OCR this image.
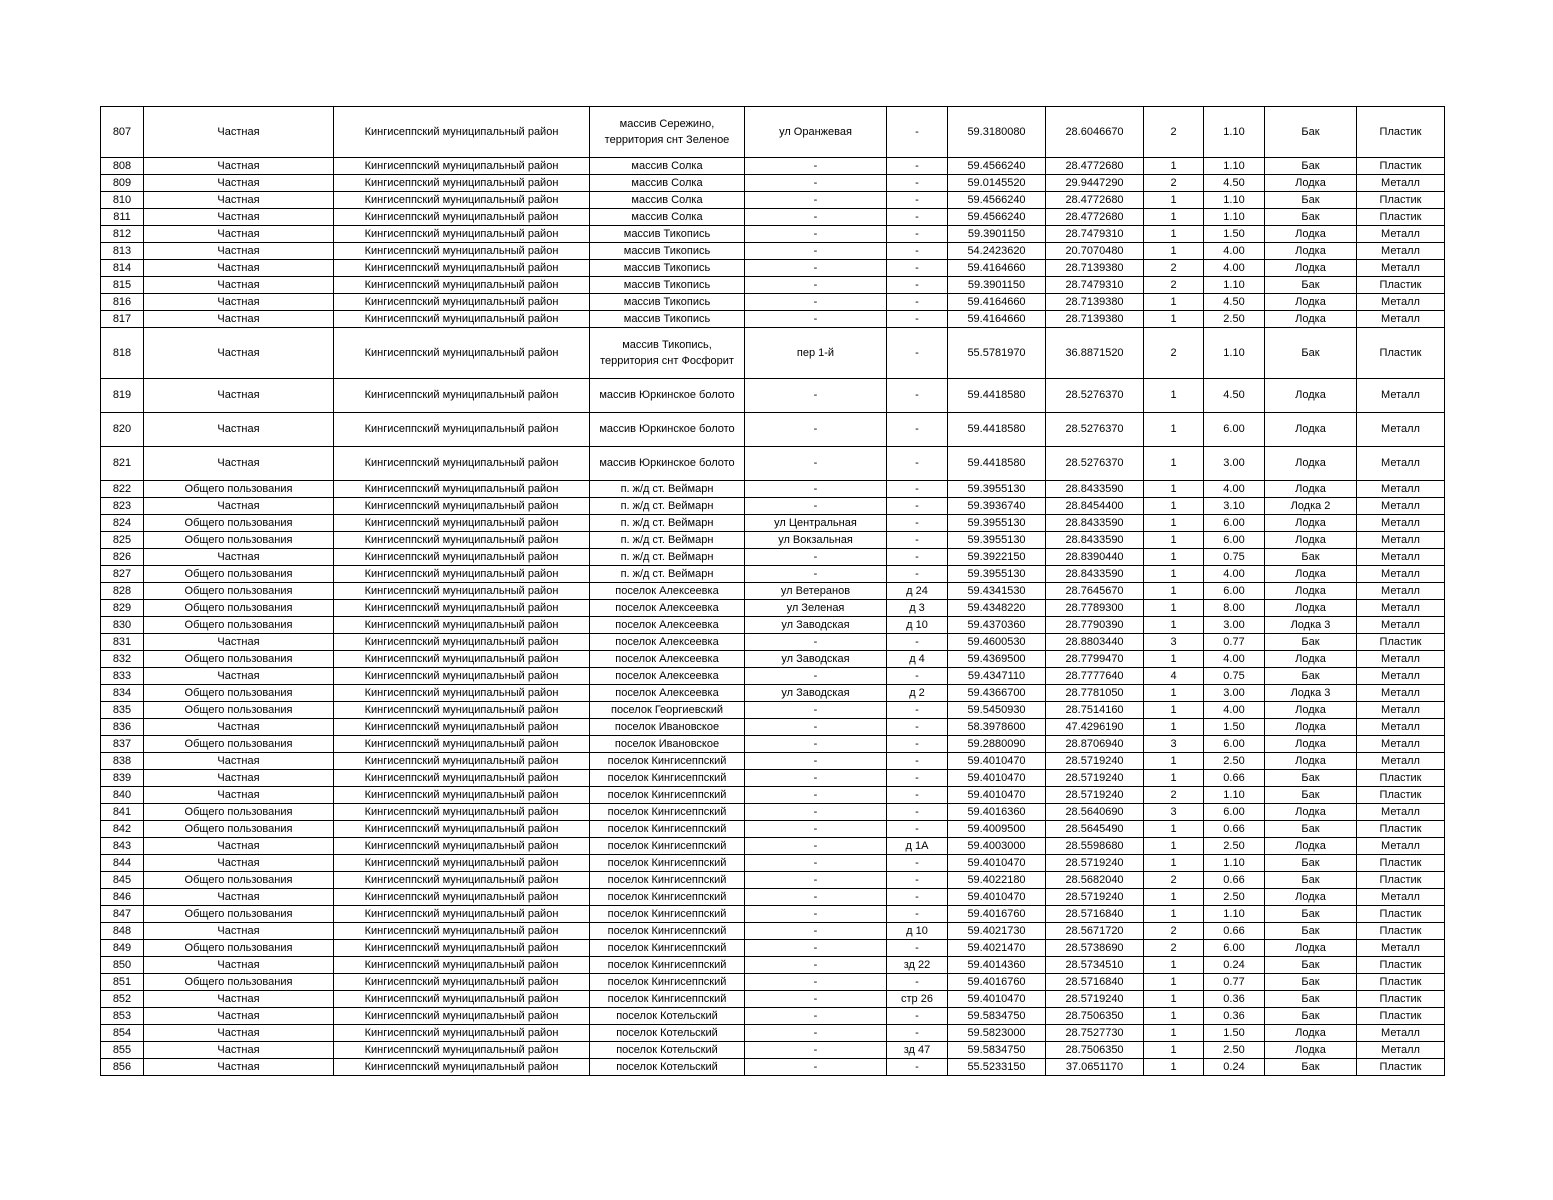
807	Частная	Кингисеппский муниципальный район	массив Сережино, территория снт Зеленое	ул Оранжевая	-	59.3180080	28.6046670	2	1.10	Бак	Пластик
808	Частная	Кингисеппский муниципальный район	массив Солка	-	-	59.4566240	28.4772680	1	1.10	Бак	Пластик
809	Частная	Кингисеппский муниципальный район	массив Солка	-	-	59.0145520	29.9447290	2	4.50	Лодка	Металл
810	Частная	Кингисеппский муниципальный район	массив Солка	-	-	59.4566240	28.4772680	1	1.10	Бак	Пластик
811	Частная	Кингисеппский муниципальный район	массив Солка	-	-	59.4566240	28.4772680	1	1.10	Бак	Пластик
812	Частная	Кингисеппский муниципальный район	массив Тикопись	-	-	59.3901150	28.7479310	1	1.50	Лодка	Металл
813	Частная	Кингисеппский муниципальный район	массив Тикопись	-	-	54.2423620	20.7070480	1	4.00	Лодка	Металл
814	Частная	Кингисеппский муниципальный район	массив Тикопись	-	-	59.4164660	28.7139380	2	4.00	Лодка	Металл
815	Частная	Кингисеппский муниципальный район	массив Тикопись	-	-	59.3901150	28.7479310	2	1.10	Бак	Пластик
816	Частная	Кингисеппский муниципальный район	массив Тикопись	-	-	59.4164660	28.7139380	1	4.50	Лодка	Металл
817	Частная	Кингисеппский муниципальный район	массив Тикопись	-	-	59.4164660	28.7139380	1	2.50	Лодка	Металл
818	Частная	Кингисеппский муниципальный район	массив Тикопись, территория снт Фосфорит	пер 1-й	-	55.5781970	36.8871520	2	1.10	Бак	Пластик
819	Частная	Кингисеппский муниципальный район	массив Юркинское болото	-	-	59.4418580	28.5276370	1	4.50	Лодка	Металл
820	Частная	Кингисеппский муниципальный район	массив Юркинское болото	-	-	59.4418580	28.5276370	1	6.00	Лодка	Металл
821	Частная	Кингисеппский муниципальный район	массив Юркинское болото	-	-	59.4418580	28.5276370	1	3.00	Лодка	Металл
822	Общего пользования	Кингисеппский муниципальный район	п. ж/д ст. Веймарн	-	-	59.3955130	28.8433590	1	4.00	Лодка	Металл
823	Частная	Кингисеппский муниципальный район	п. ж/д ст. Веймарн	-	-	59.3936740	28.8454400	1	3.10	Лодка 2	Металл
824	Общего пользования	Кингисеппский муниципальный район	п. ж/д ст. Веймарн	ул Центральная	-	59.3955130	28.8433590	1	6.00	Лодка	Металл
825	Общего пользования	Кингисеппский муниципальный район	п. ж/д ст. Веймарн	ул Вокзальная	-	59.3955130	28.8433590	1	6.00	Лодка	Металл
826	Частная	Кингисеппский муниципальный район	п. ж/д ст. Веймарн	-	-	59.3922150	28.8390440	1	0.75	Бак	Металл
827	Общего пользования	Кингисеппский муниципальный район	п. ж/д ст. Веймарн	-	-	59.3955130	28.8433590	1	4.00	Лодка	Металл
828	Общего пользования	Кингисеппский муниципальный район	поселок Алексеевка	ул Ветеранов	д 24	59.4341530	28.7645670	1	6.00	Лодка	Металл
829	Общего пользования	Кингисеппский муниципальный район	поселок Алексеевка	ул Зеленая	д 3	59.4348220	28.7789300	1	8.00	Лодка	Металл
830	Общего пользования	Кингисеппский муниципальный район	поселок Алексеевка	ул Заводская	д 10	59.4370360	28.7790390	1	3.00	Лодка 3	Металл
831	Частная	Кингисеппский муниципальный район	поселок Алексеевка	-	-	59.4600530	28.8803440	3	0.77	Бак	Пластик
832	Общего пользования	Кингисеппский муниципальный район	поселок Алексеевка	ул Заводская	д 4	59.4369500	28.7799470	1	4.00	Лодка	Металл
833	Частная	Кингисеппский муниципальный район	поселок Алексеевка	-	-	59.4347110	28.7777640	4	0.75	Бак	Металл
834	Общего пользования	Кингисеппский муниципальный район	поселок Алексеевка	ул Заводская	д 2	59.4366700	28.7781050	1	3.00	Лодка 3	Металл
835	Общего пользования	Кингисеппский муниципальный район	поселок Георгиевский	-	-	59.5450930	28.7514160	1	4.00	Лодка	Металл
836	Частная	Кингисеппский муниципальный район	поселок Ивановское	-	-	58.3978600	47.4296190	1	1.50	Лодка	Металл
837	Общего пользования	Кингисеппский муниципальный район	поселок Ивановское	-	-	59.2880090	28.8706940	3	6.00	Лодка	Металл
838	Частная	Кингисеппский муниципальный район	поселок Кингисеппский	-	-	59.4010470	28.5719240	1	2.50	Лодка	Металл
839	Частная	Кингисеппский муниципальный район	поселок Кингисеппский	-	-	59.4010470	28.5719240	1	0.66	Бак	Пластик
840	Частная	Кингисеппский муниципальный район	поселок Кингисеппский	-	-	59.4010470	28.5719240	2	1.10	Бак	Пластик
841	Общего пользования	Кингисеппский муниципальный район	поселок Кингисеппский	-	-	59.4016360	28.5640690	3	6.00	Лодка	Металл
842	Общего пользования	Кингисеппский муниципальный район	поселок Кингисеппский	-	-	59.4009500	28.5645490	1	0.66	Бак	Пластик
843	Частная	Кингисеппский муниципальный район	поселок Кингисеппский	-	д 1А	59.4003000	28.5598680	1	2.50	Лодка	Металл
844	Частная	Кингисеппский муниципальный район	поселок Кингисеппский	-	-	59.4010470	28.5719240	1	1.10	Бак	Пластик
845	Общего пользования	Кингисеппский муниципальный район	поселок Кингисеппский	-	-	59.4022180	28.5682040	2	0.66	Бак	Пластик
846	Частная	Кингисеппский муниципальный район	поселок Кингисеппский	-	-	59.4010470	28.5719240	1	2.50	Лодка	Металл
847	Общего пользования	Кингисеппский муниципальный район	поселок Кингисеппский	-	-	59.4016760	28.5716840	1	1.10	Бак	Пластик
848	Частная	Кингисеппский муниципальный район	поселок Кингисеппский	-	д 10	59.4021730	28.5671720	2	0.66	Бак	Пластик
849	Общего пользования	Кингисеппский муниципальный район	поселок Кингисеппский	-	-	59.4021470	28.5738690	2	6.00	Лодка	Металл
850	Частная	Кингисеппский муниципальный район	поселок Кингисеппский	-	зд 22	59.4014360	28.5734510	1	0.24	Бак	Пластик
851	Общего пользования	Кингисеппский муниципальный район	поселок Кингисеппский	-	-	59.4016760	28.5716840	1	0.77	Бак	Пластик
852	Частная	Кингисеппский муниципальный район	поселок Кингисеппский	-	стр 26	59.4010470	28.5719240	1	0.36	Бак	Пластик
853	Частная	Кингисеппский муниципальный район	поселок Котельский	-	-	59.5834750	28.7506350	1	0.36	Бак	Пластик
854	Частная	Кингисеппский муниципальный район	поселок Котельский	-	-	59.5823000	28.7527730	1	1.50	Лодка	Металл
855	Частная	Кингисеппский муниципальный район	поселок Котельский	-	зд 47	59.5834750	28.7506350	1	2.50	Лодка	Металл
856	Частная	Кингисеппский муниципальный район	поселок Котельский	-	-	55.5233150	37.0651170	1	0.24	Бак	Пластик
